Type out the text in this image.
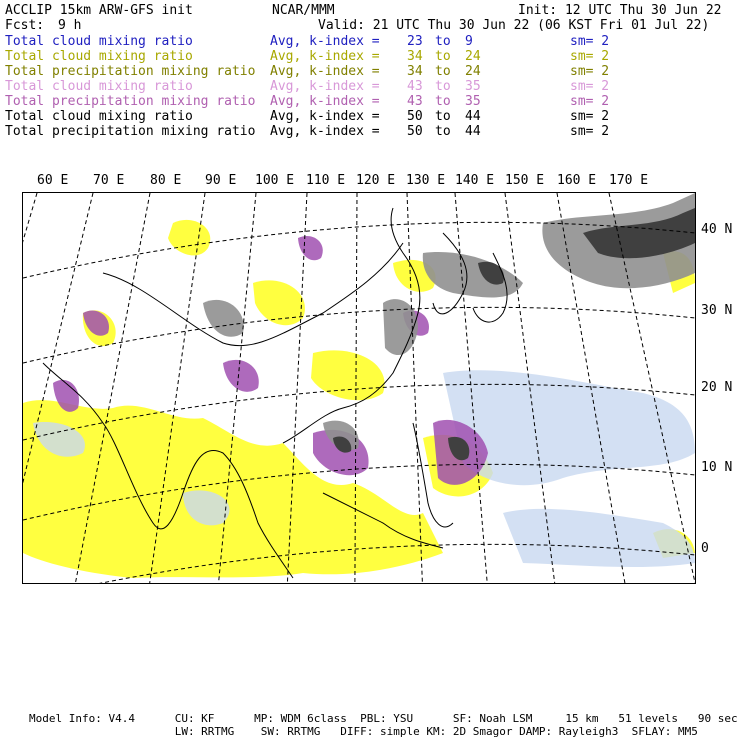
ACCLIP 15km ARW-GFS init	NCAR/MMM	Init: 12 UTC Thu 30 Jun 22
Fcst: 9 h	Valid: 21 UTC Thu 30 Jun 22 (06 KST Fri 01 Jul 22)
Total cloud mixing ratio	Avg, k-index = 23 to 9	sm= 2
Total cloud mixing ratio	Avg, k-index = 34 to 24	sm= 2
Total precipitation mixing ratio Avg, k-index = 34 to 24	sm= 2
Total cloud mixing ratio	Avg, k-index = 43 to 35	sm= 2
Total precipitation mixing ratio Avg, k-index = 43 to 35	sm= 2
Total cloud mixing ratio	Avg, k-index = 50 to 44	sm= 2
Total precipitation mixing ratio Avg, k-index = 50 to 44	sm= 2
60 E 70 E 80 E 90 E 100 E 110 E 120 E 130 E 140 E 150 E 160 E 170 E
40 N
30 N
20 N
10 N
0
Model Info: V4.4      CU: KF      MP: WDM 6class  PBL: YSU      SF: Noah LSM     15 km   51 levels   90 sec
LW: RRTMG    SW: RRTMG   DIFF: simple KM: 2D Smagor DAMP: Rayleigh3  SFLAY: MM5
